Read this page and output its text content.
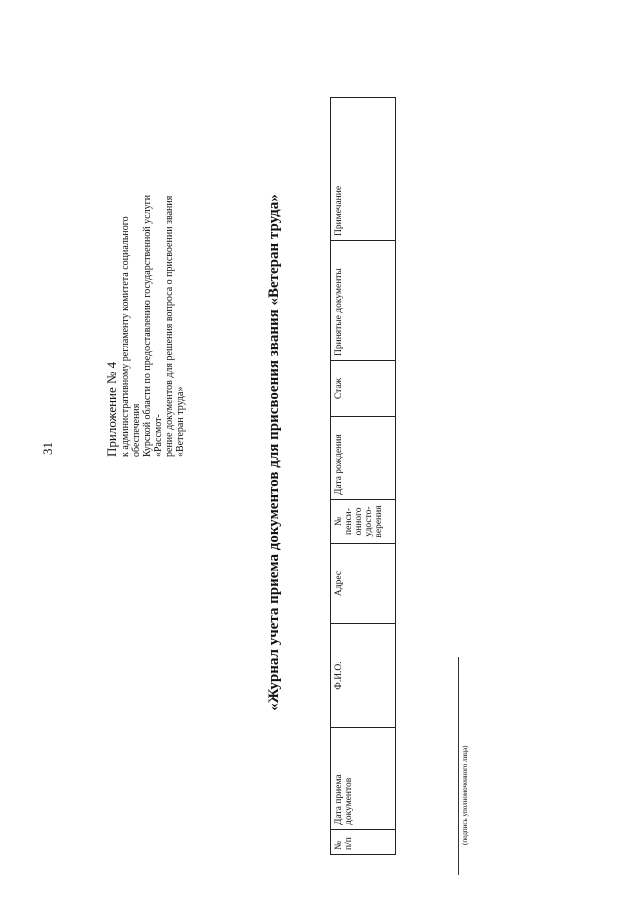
31	Приложение № 4 к административному регламенту комитета социального обеспечения Курской области по предоставлению государственной услуги «Рассмот- рение документов для решения вопроса о присвоении звания «Ветеран труда»	«Журнал учета приема документов для присвоения звания «Ветеран труда»

№ п/п	Дата приема документов	Ф.И.О.	Адрес	№ пенси-онного удосто-верения	Дата рождения	Стаж	Принятые документы	Примечание

(подпись уполномоченного лица)
